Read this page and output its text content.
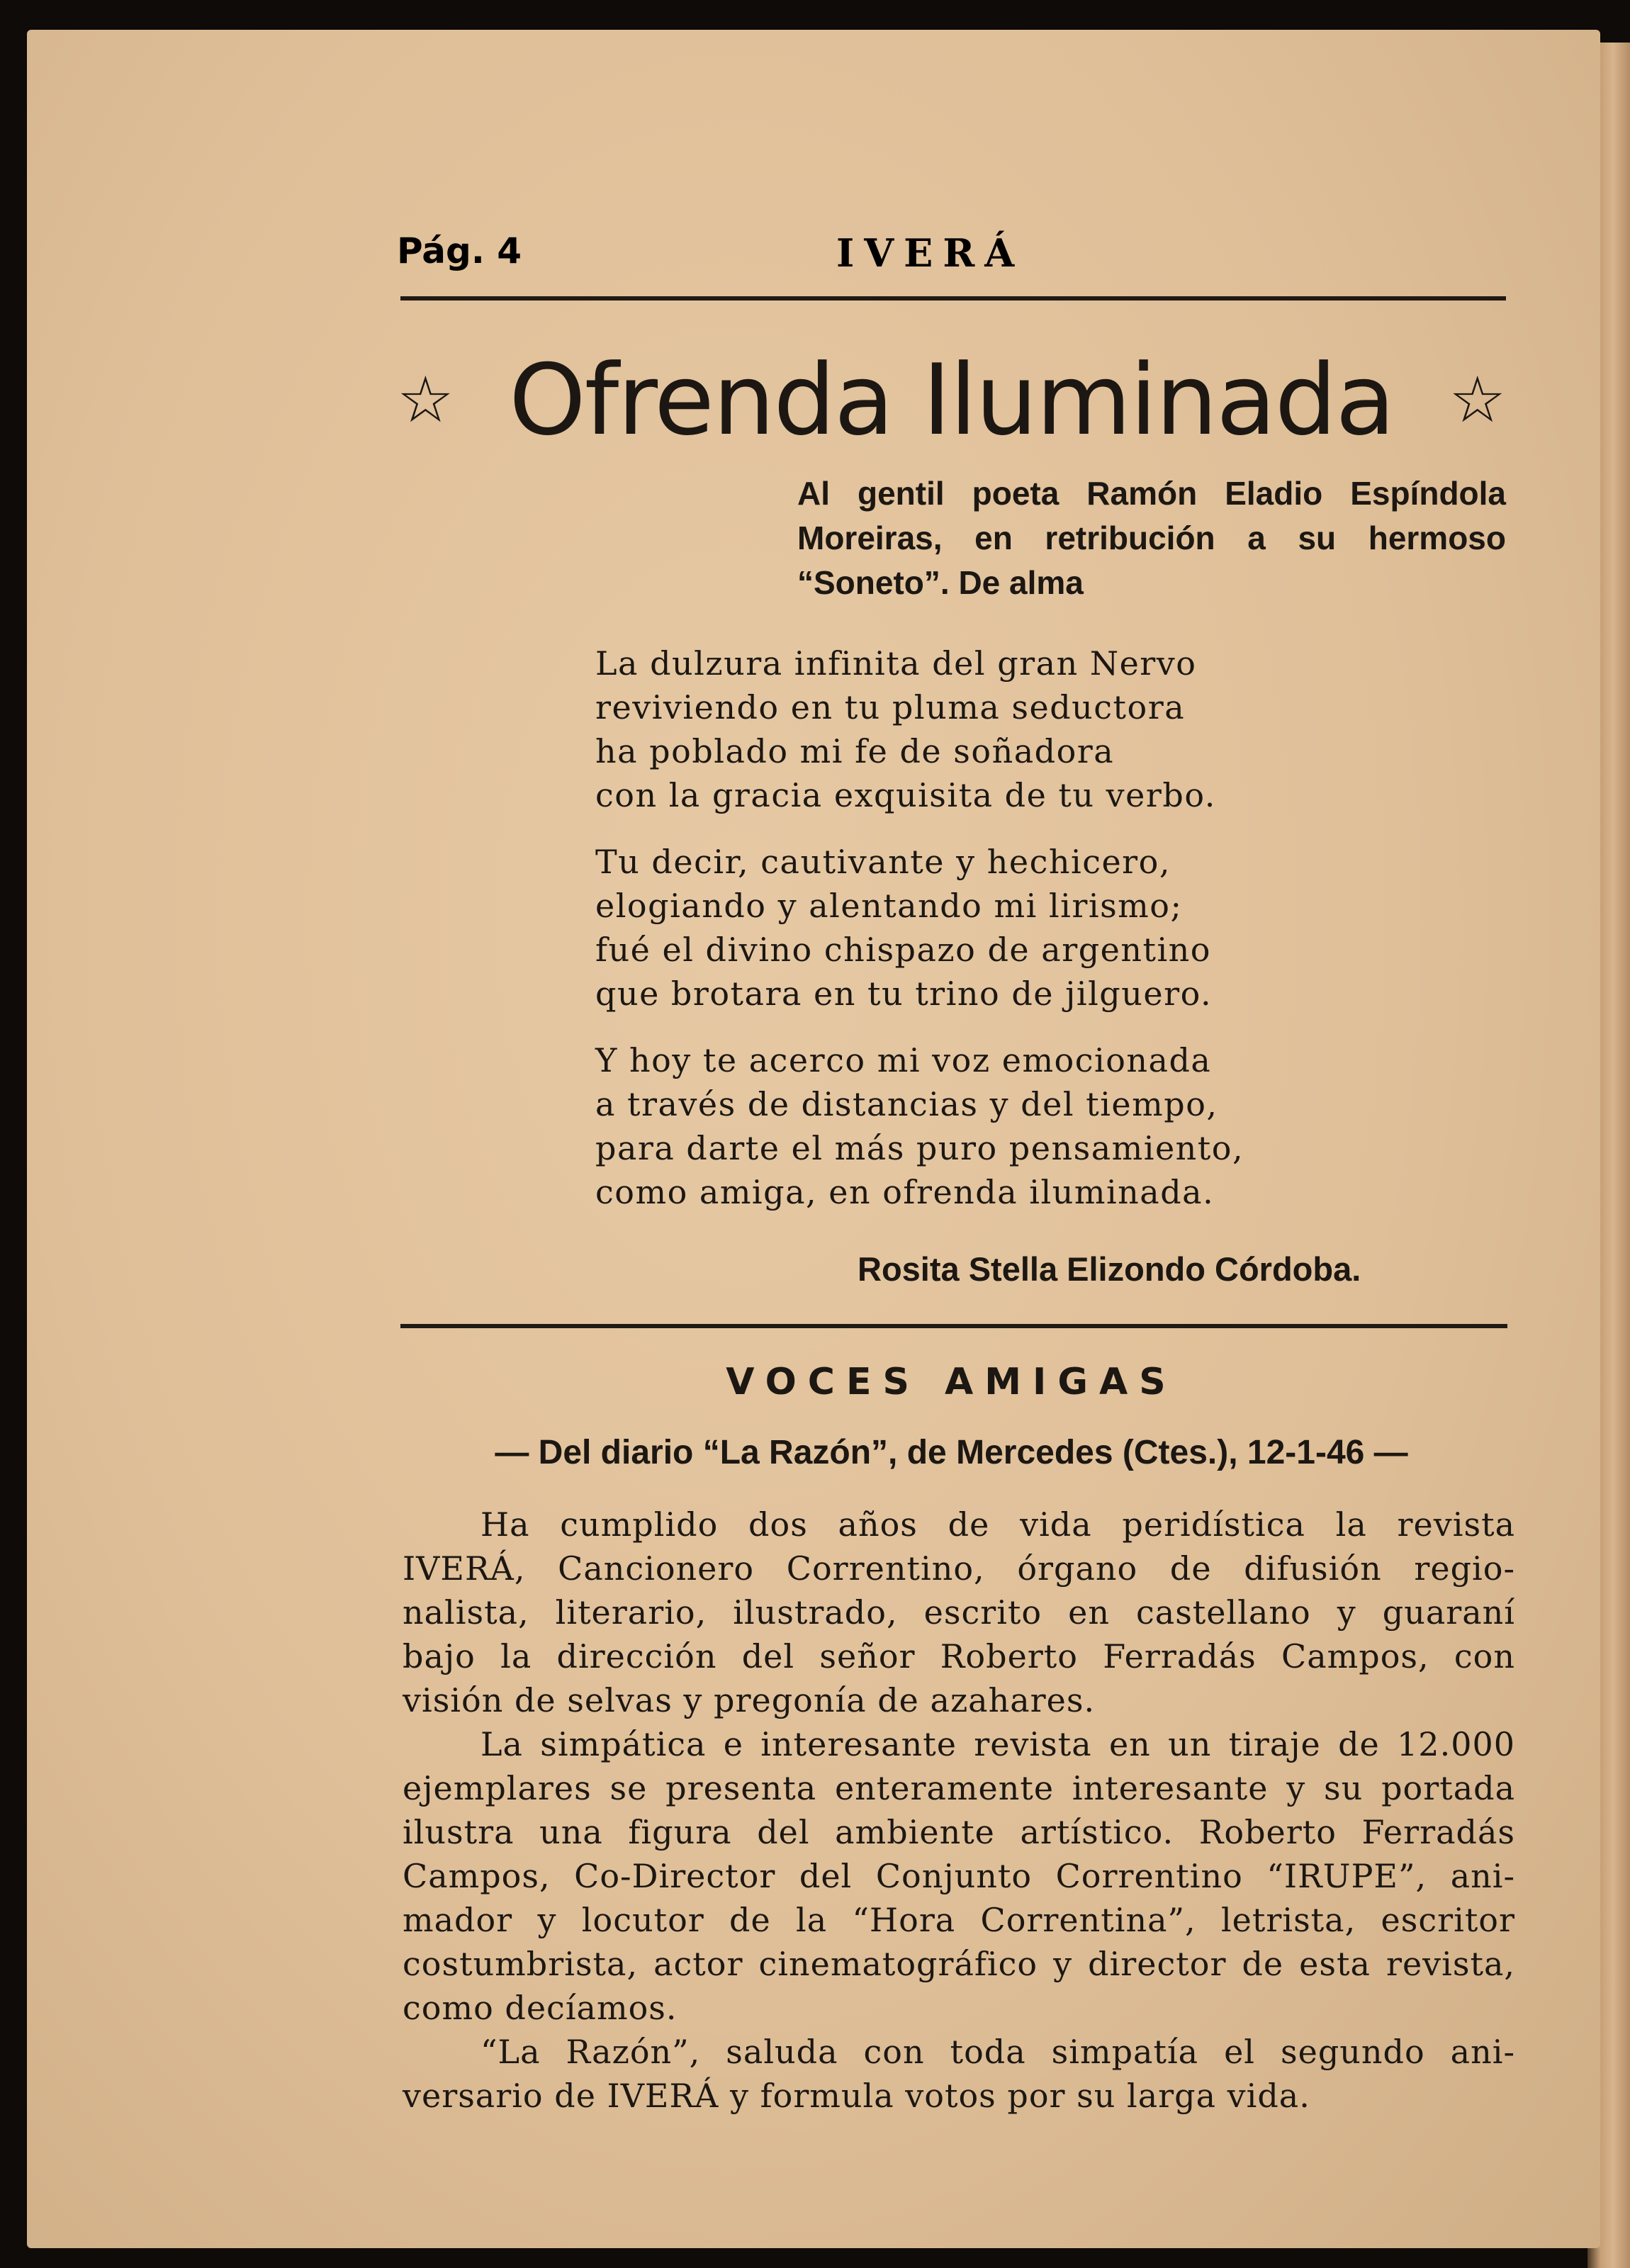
Pág. 4	IVERÁ
☆ Ofrenda Iluminada ☆
Al gentil poeta Ramón Eladio Espíndola Moreiras, en retribución a su hermoso “Soneto”. De alma
La dulzura infinita del gran Nervo
reviviendo en tu pluma seductora
ha poblado mi fe de soñadora
con la gracia exquisita de tu verbo.
Tu decir, cautivante y hechicero,
elogiando y alentando mi lirismo;
fué el divino chispazo de argentino
que brotara en tu trino de jilguero.
Y hoy te acerco mi voz emocionada
a través de distancias y del tiempo,
para darte el más puro pensamiento,
como amiga, en ofrenda iluminada.
Rosita Stella Elizondo Córdoba.
VOCES AMIGAS
— Del diario “La Razón”, de Mercedes (Ctes.), 12-1-46 —
Ha cumplido dos años de vida peridística la revista
IVERÁ, Cancionero Correntino, órgano de difusión regio-
nalista, literario, ilustrado, escrito en castellano y guaraní
bajo la dirección del señor Roberto Ferradás Campos, con
visión de selvas y pregonía de azahares.
La simpática e interesante revista en un tiraje de 12.000
ejemplares se presenta enteramente interesante y su portada
ilustra una figura del ambiente artístico. Roberto Ferradás
Campos, Co-Director del Conjunto Correntino “IRUPE”, ani-
mador y locutor de la “Hora Correntina”, letrista, escritor
costumbrista, actor cinematográfico y director de esta revista,
como decíamos.
“La Razón”, saluda con toda simpatía el segundo ani-
versario de IVERÁ y formula votos por su larga vida.
